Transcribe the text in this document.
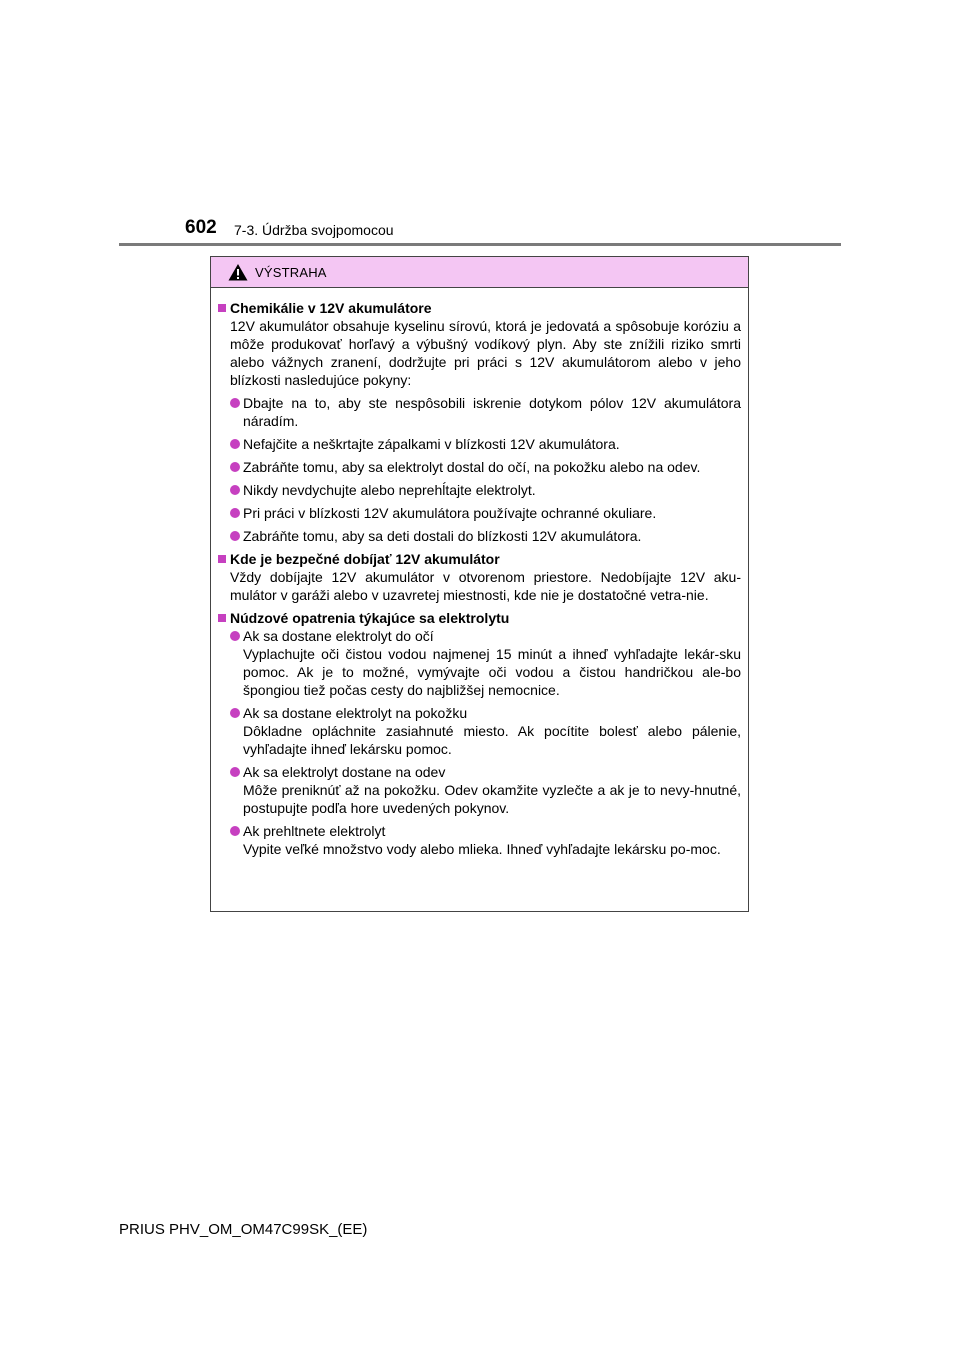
602 7-3. Údržba svojpomocou
VÝSTRAHA
Chemikálie v 12V akumulátore
12V akumulátor obsahuje kyselinu sírovú, ktorá je jedovatá a spôsobuje koróziu a môže produkovať horľavý a výbušný vodíkový plyn. Aby ste znížili riziko smrti alebo vážnych zranení, dodržujte pri práci s 12V akumulátorom alebo v jeho blízkosti nasledujúce pokyny:
Dbajte na to, aby ste nespôsobili iskrenie dotykom pólov 12V akumulátora náradím.
Nefajčite a neškrtajte zápalkami v blízkosti 12V akumulátora.
Zabráňte tomu, aby sa elektrolyt dostal do očí, na pokožku alebo na odev.
Nikdy nevdychujte alebo neprehĺtajte elektrolyt.
Pri práci v blízkosti 12V akumulátora používajte ochranné okuliare.
Zabráňte tomu, aby sa deti dostali do blízkosti 12V akumulátora.
Kde je bezpečné dobíjať 12V akumulátor
Vždy dobíjajte 12V akumulátor v otvorenom priestore. Nedobíjajte 12V aku-mulátor v garáži alebo v uzavretej miestnosti, kde nie je dostatočné vetra-nie.
Núdzové opatrenia týkajúce sa elektrolytu
Ak sa dostane elektrolyt do očí
Vyplachujte oči čistou vodou najmenej 15 minút a ihneď vyhľadajte lekár-sku pomoc. Ak je to možné, vymývajte oči vodou a čistou handričkou ale-bo špongiou tiež počas cesty do najbližšej nemocnice.
Ak sa dostane elektrolyt na pokožku
Dôkladne opláchnite zasiahnuté miesto. Ak pocítite bolesť alebo pálenie, vyhľadajte ihneď lekársku pomoc.
Ak sa elektrolyt dostane na odev
Môže preniknúť až na pokožku. Odev okamžite vyzlečte a ak je to nevy-hnutné, postupujte podľa hore uvedených pokynov.
Ak prehltnete elektrolyt
Vypite veľké množstvo vody alebo mlieka. Ihneď vyhľadajte lekársku po-moc.
PRIUS PHV_OM_OM47C99SK_(EE)
